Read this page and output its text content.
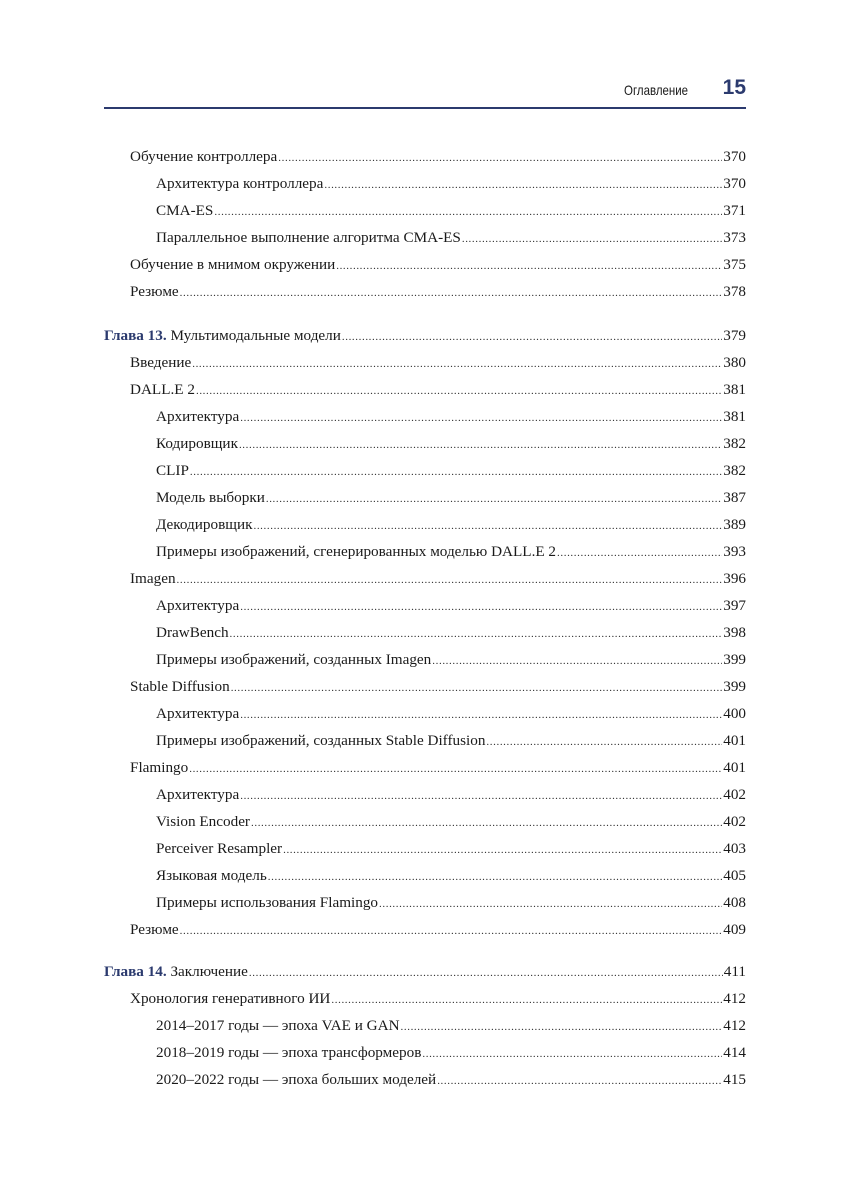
Оглавление 15
Обучение контроллера .....	370
Архитектура контроллера .....	370
CMA-ES .....	371
Параллельное выполнение алгоритма CMA-ES .....	373
Обучение в мнимом окружении .....	375
Резюме .....	378
Глава 13. Мультимодальные модели .....	379
Введение .....	380
DALL.E 2 .....	381
Архитектура .....	381
Кодировщик .....	382
CLIP .....	382
Модель выборки .....	387
Декодировщик .....	389
Примеры изображений, сгенерированных моделью DALL.E 2 .....	393
Imagen .....	396
Архитектура .....	397
DrawBench .....	398
Примеры изображений, созданных Imagen .....	399
Stable Diffusion .....	399
Архитектура .....	400
Примеры изображений, созданных Stable Diffusion .....	401
Flamingo .....	401
Архитектура .....	402
Vision Encoder .....	402
Perceiver Resampler .....	403
Языковая модель .....	405
Примеры использования Flamingo .....	408
Резюме .....	409
Глава 14. Заключение .....	411
Хронология генеративного ИИ .....	412
2014–2017 годы — эпоха VAE и GAN .....	412
2018–2019 годы — эпоха трансформеров .....	414
2020–2022 годы — эпоха больших моделей .....	415
